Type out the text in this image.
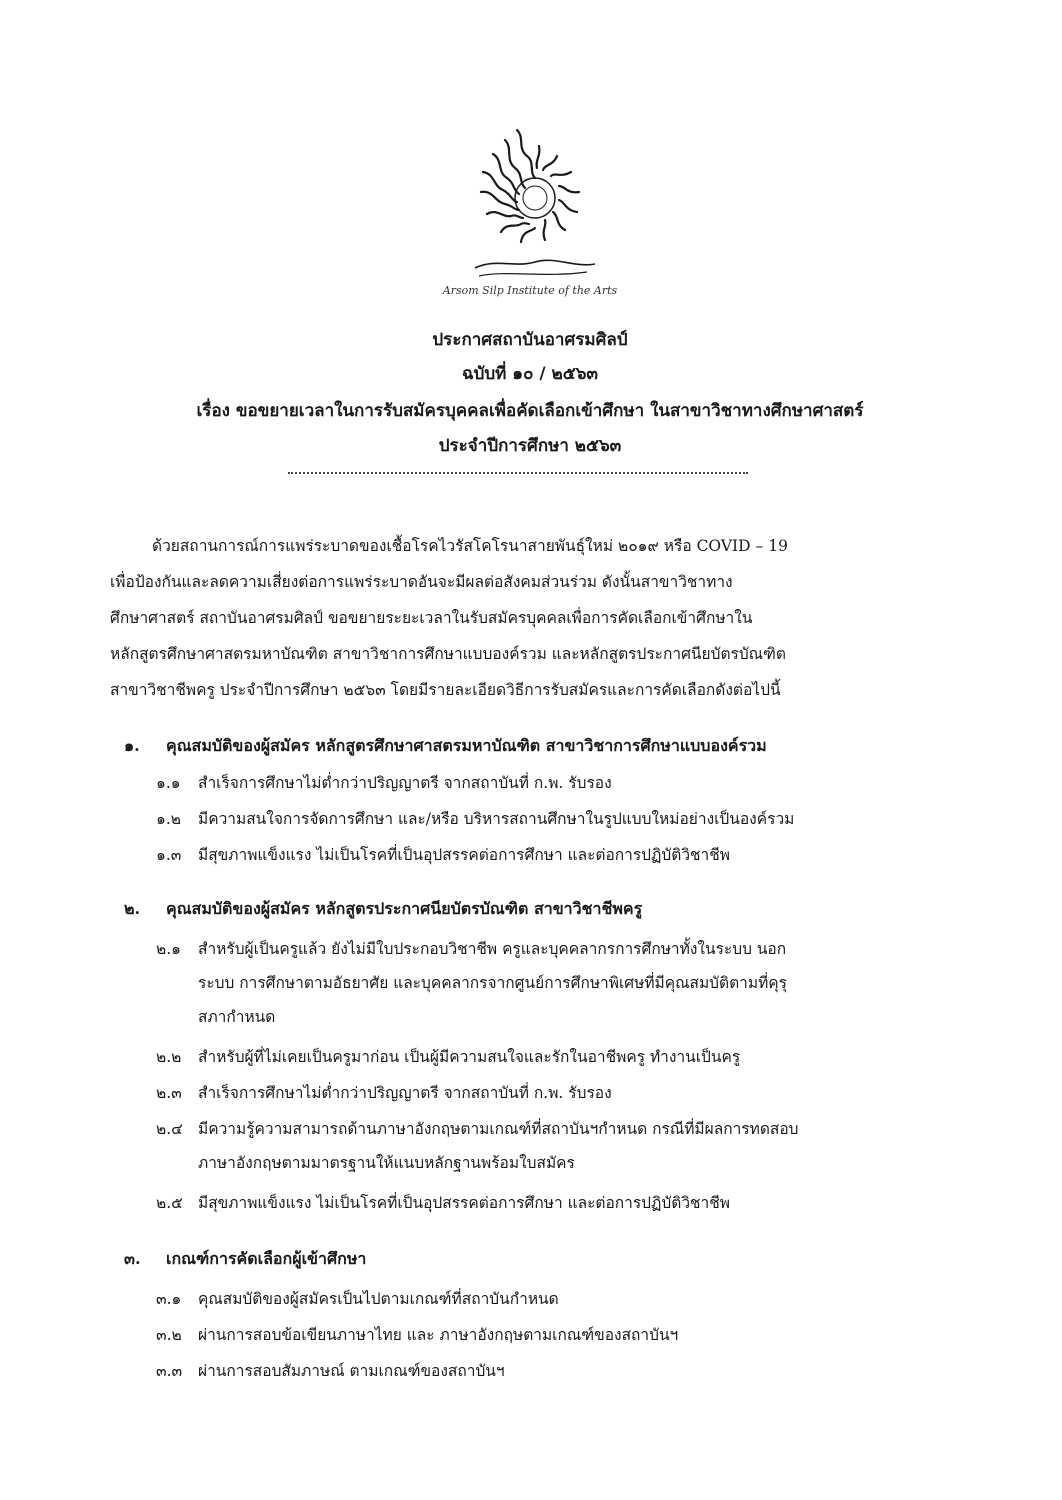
Arsom Silp Institute of the Arts
ประกาศสถาบันอาศรมศิลป์
ฉบับที่ ๑๐ / ๒๕๖๓
เรื่อง ขอขยายเวลาในการรับสมัครบุคคลเพื่อคัดเลือกเข้าศึกษา ในสาขาวิชาทางศึกษาศาสตร์
ประจำปีการศึกษา ๒๕๖๓

ด้วยสถานการณ์การแพร่ระบาดของเชื้อโรคไวรัสโคโรนาสายพันธุ์ใหม่ ๒๐๑๙ หรือ COVID – 19

เพื่อป้องกันและลดความเสี่ยงต่อการแพร่ระบาดอันจะมีผลต่อสังคมส่วนร่วม ดังนั้นสาขาวิชาทาง

ศึกษาศาสตร์ สถาบันอาศรมศิลป์ ขอขยายระยะเวลาในรับสมัครบุคคลเพื่อการคัดเลือกเข้าศึกษาใน

หลักสูตรศึกษาศาสตรมหาบัณฑิต สาขาวิชาการศึกษาแบบองค์รวม และหลักสูตรประกาศนียบัตรบัณฑิต

สาขาวิชาชีพครู ประจำปีการศึกษา ๒๕๖๓ โดยมีรายละเอียดวิธีการรับสมัครและการคัดเลือกดังต่อไปนี้

๑. คุณสมบัติของผู้สมัคร หลักสูตรศึกษาศาสตรมหาบัณฑิต สาขาวิชาการศึกษาแบบองค์รวม
๑.๑ สำเร็จการศึกษาไม่ต่ำกว่าปริญญาตรี จากสถาบันที่ ก.พ. รับรอง
๑.๒ มีความสนใจการจัดการศึกษา และ/หรือ บริหารสถานศึกษาในรูปแบบใหม่อย่างเป็นองค์รวม
๑.๓ มีสุขภาพแข็งแรง ไม่เป็นโรคที่เป็นอุปสรรคต่อการศึกษา และต่อการปฏิบัติวิชาชีพ
๒. คุณสมบัติของผู้สมัคร หลักสูตรประกาศนียบัตรบัณฑิต สาขาวิชาชีพครู
๒.๑ สำหรับผู้เป็นครูแล้ว ยังไม่มีใบประกอบวิชาชีพ ครูและบุคคลากรการศึกษาทั้งในระบบ นอก
ระบบ การศึกษาตามอัธยาศัย และบุคคลากรจากศูนย์การศึกษาพิเศษที่มีคุณสมบัติตามที่คุรุ
สภากำหนด
๒.๒ สำหรับผู้ที่ไม่เคยเป็นครูมาก่อน เป็นผู้มีความสนใจและรักในอาชีพครู ทำงานเป็นครู
๒.๓ สำเร็จการศึกษาไม่ต่ำกว่าปริญญาตรี จากสถาบันที่ ก.พ. รับรอง
๒.๔ มีความรู้ความสามารถด้านภาษาอังกฤษตามเกณฑ์ที่สถาบันฯกำหนด กรณีที่มีผลการทดสอบ
ภาษาอังกฤษตามมาตรฐานให้แนบหลักฐานพร้อมใบสมัคร
๒.๕ มีสุขภาพแข็งแรง ไม่เป็นโรคที่เป็นอุปสรรคต่อการศึกษา และต่อการปฏิบัติวิชาชีพ
๓. เกณฑ์การคัดเลือกผู้เข้าศึกษา
๓.๑ คุณสมบัติของผู้สมัครเป็นไปตามเกณฑ์ที่สถาบันกำหนด
๓.๒ ผ่านการสอบข้อเขียนภาษาไทย และ ภาษาอังกฤษตามเกณฑ์ของสถาบันฯ
๓.๓ ผ่านการสอบสัมภาษณ์ ตามเกณฑ์ของสถาบันฯ
